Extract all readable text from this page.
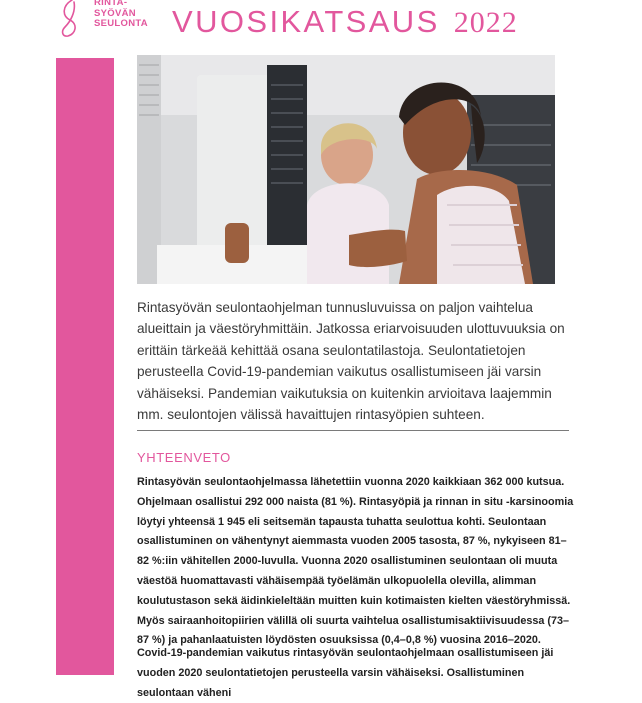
RINTA-
SYÖVÄN
SEULONTA VUOSIKATSAUS 2022
Rintasyövän seulontaohjelman tunnusluvuissa on paljon vaihtelua alueittain ja väestöryhmittäin. Jatkossa eriarvoisuuden ulottuvuuksia on erittäin tärkeää kehittää osana seulontatilastoja. Seulontatietojen perusteella Covid-19-pandemian vaikutus osallistumiseen jäi varsin vähäiseksi. Pandemian vaikutuksia on kuitenkin arvioitava laajemmin mm. seulontojen välissä havaittujen rintasyöpien suhteen.
YHTEENVETO
Rintasyövän seulontaohjelmassa lähetettiin vuonna 2020 kaikkiaan 362 000 kutsua. Ohjelmaan osallistui 292 000 naista (81 %). Rintasyöpiä ja rinnan in situ -karsinoomia löytyi yhteensä 1 945 eli seitsemän tapausta tuhatta seulottua kohti. Seulontaan osallistuminen on vähentynyt aiemmasta vuoden 2005 tasosta, 87 %, nykyiseen 81–82 %:iin vähitellen 2000-luvulla. Vuonna 2020 osallistuminen seulontaan oli muuta väestöä huomattavasti vähäisempää työelämän ulkopuolella olevilla, alimman koulutustason sekä äidinkieleltään muitten kuin kotimaisten kielten väestöryhmissä. Myös sairaanhoitopiirien välillä oli suurta vaihtelua osallistumisaktiivisuudessa (73–87 %) ja pahanlaatuisten löydösten osuuksissa (0,4–0,8 %) vuosina 2016–2020.
Covid-19-pandemian vaikutus rintasyövän seulontaohjelmaan osallistumiseen jäi vuoden 2020 seulontatietojen perusteella varsin vähäiseksi. Osallistuminen seulontaan väheni
